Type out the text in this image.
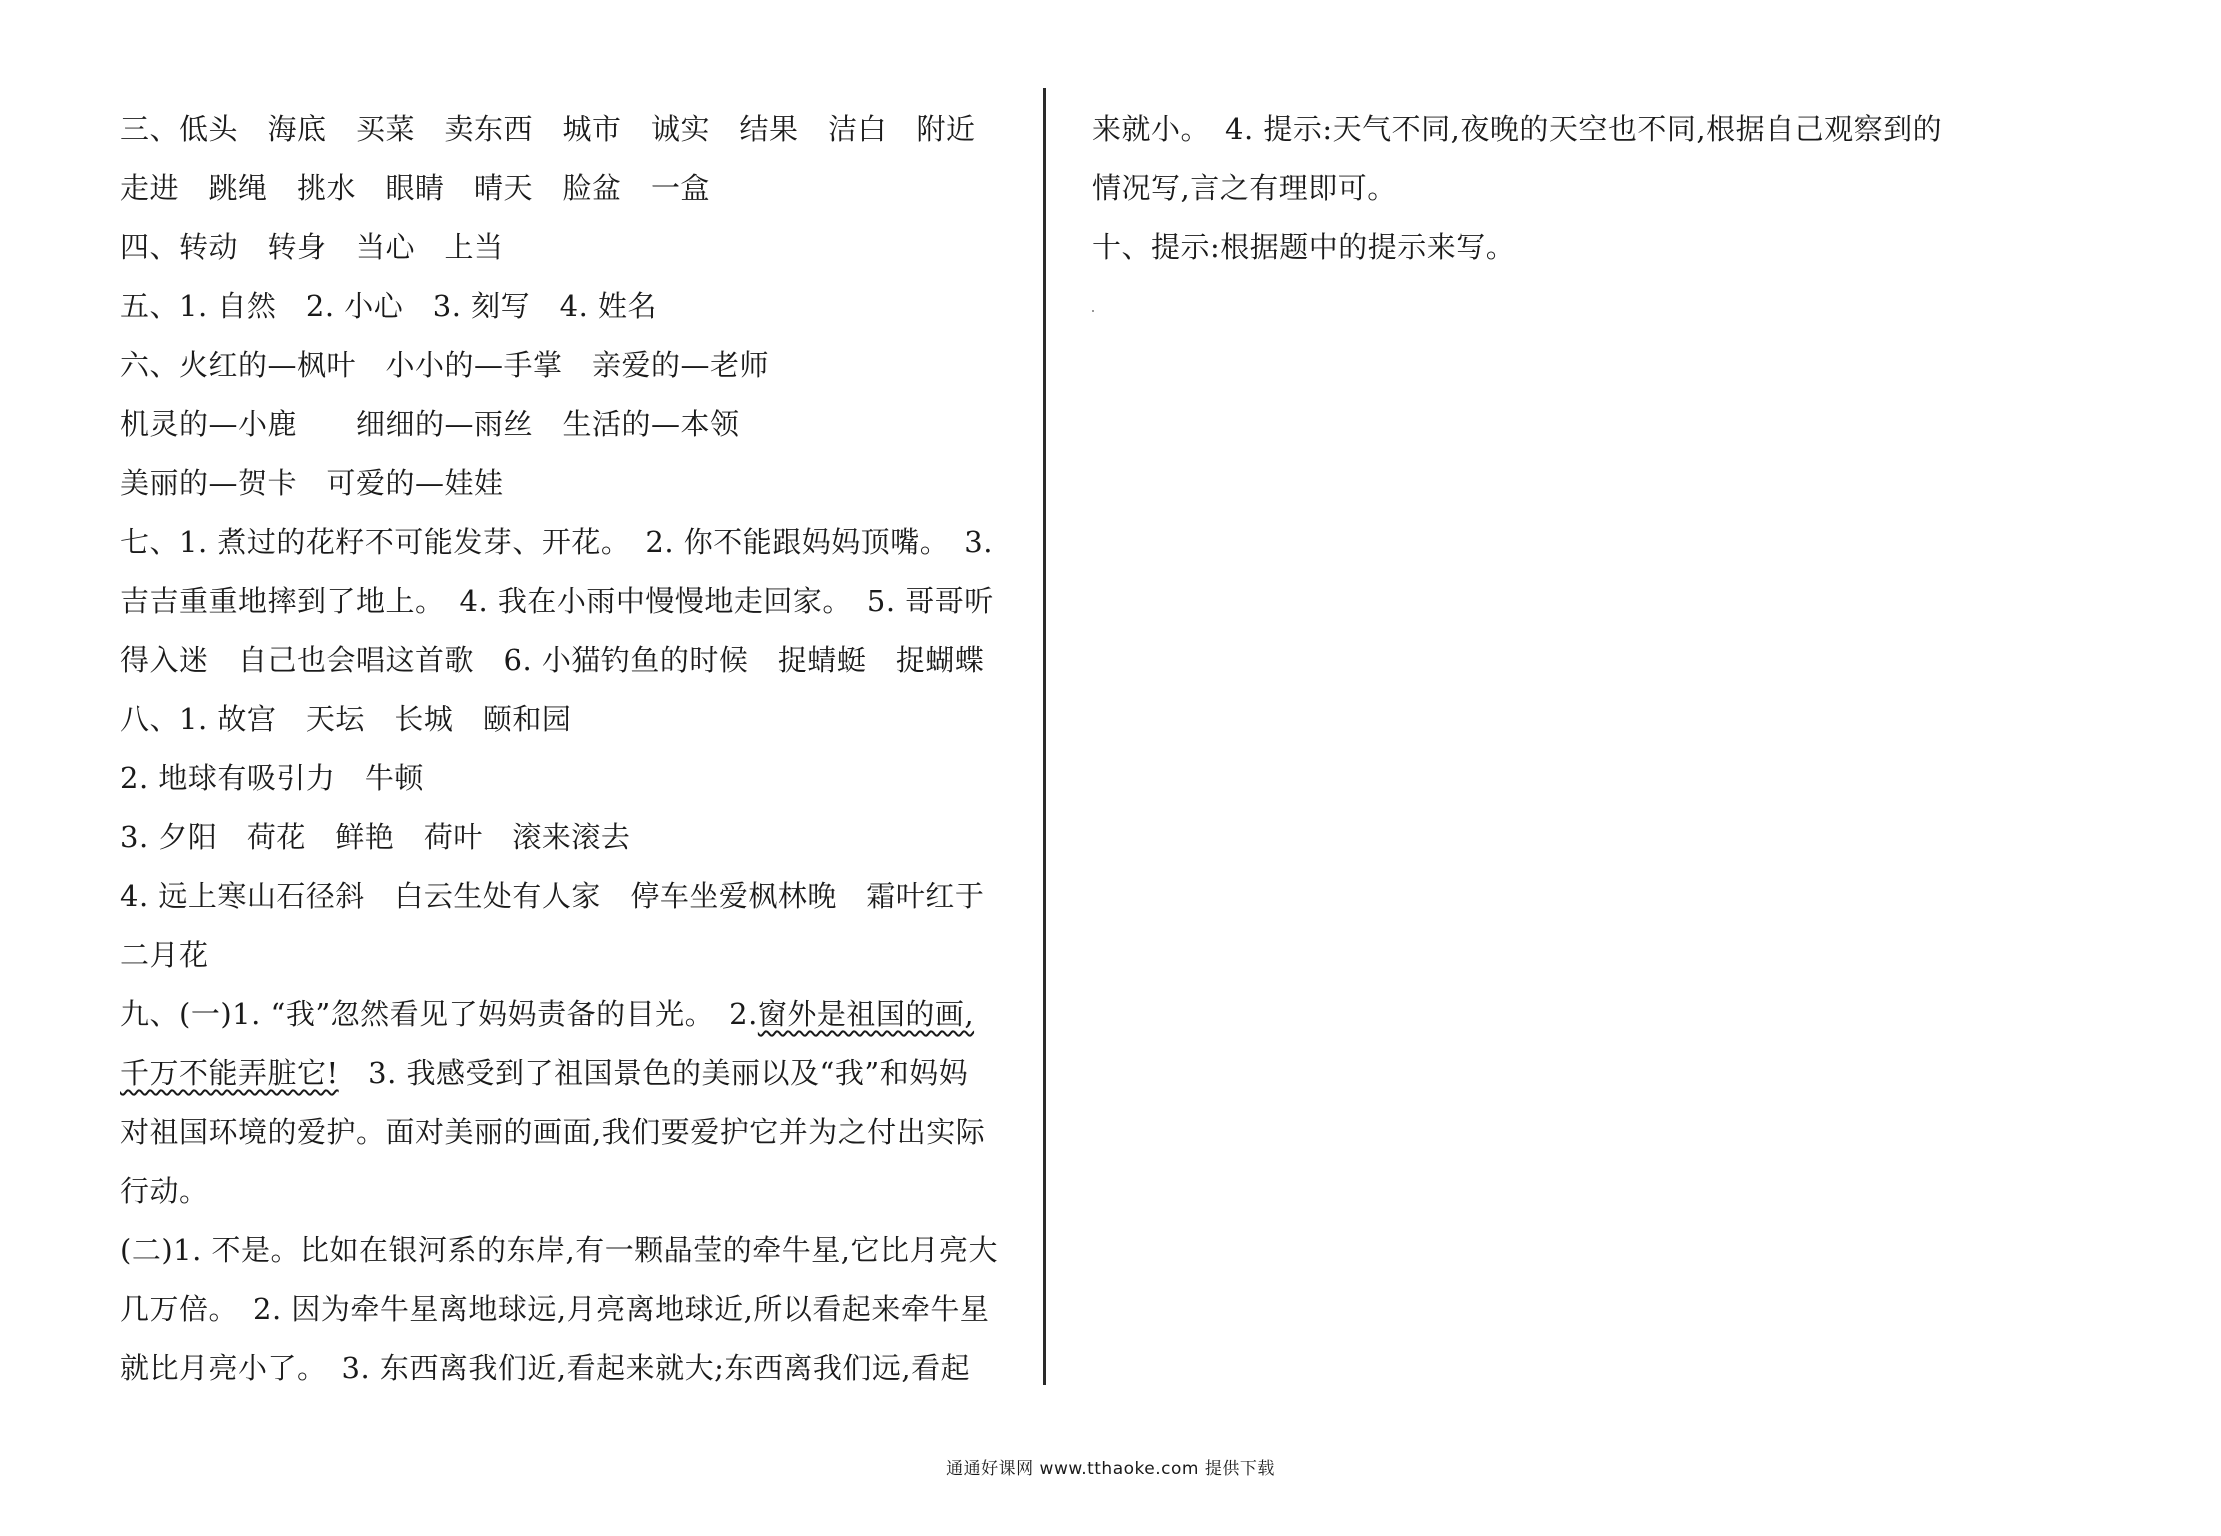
三、低头　海底　买菜　卖东西　城市　诚实　结果　洁白　附近
走进　跳绳　挑水　眼睛　晴天　脸盆　一盒
四、转动　转身　当心　上当
五、1. 自然　2. 小心　3. 刻写　4. 姓名
六、火红的—枫叶　小小的—手掌　亲爱的—老师
机灵的—小鹿　　细细的—雨丝　生活的—本领
美丽的—贺卡　可爱的—娃娃
七、1. 煮过的花籽不可能发芽、开花。　2. 你不能跟妈妈顶嘴。　3.
吉吉重重地摔到了地上。　4. 我在小雨中慢慢地走回家。　5. 哥哥听
得入迷　自己也会唱这首歌　6. 小猫钓鱼的时候　捉蜻蜓　捉蝴蝶
八、1. 故宫　天坛　长城　颐和园
2. 地球有吸引力　牛顿
3. 夕阳　荷花　鲜艳　荷叶　滚来滚去
4. 远上寒山石径斜　白云生处有人家　停车坐爱枫林晚　霜叶红于
二月花
九、(一)1. “我”忽然看见了妈妈责备的目光。　2.窗外是祖国的画,
千万不能弄脏它!　3. 我感受到了祖国景色的美丽以及“我”和妈妈
对祖国环境的爱护。面对美丽的画面,我们要爱护它并为之付出实际
行动。
(二)1. 不是。比如在银河系的东岸,有一颗晶莹的牵牛星,它比月亮大
几万倍。　2. 因为牵牛星离地球远,月亮离地球近,所以看起来牵牛星
就比月亮小了。　3. 东西离我们近,看起来就大;东西离我们远,看起
来就小。　4. 提示:天气不同,夜晚的天空也不同,根据自己观察到的
情况写,言之有理即可。
十、提示:根据题中的提示来写。
通通好课网 www.tthaoke.com 提供下载
